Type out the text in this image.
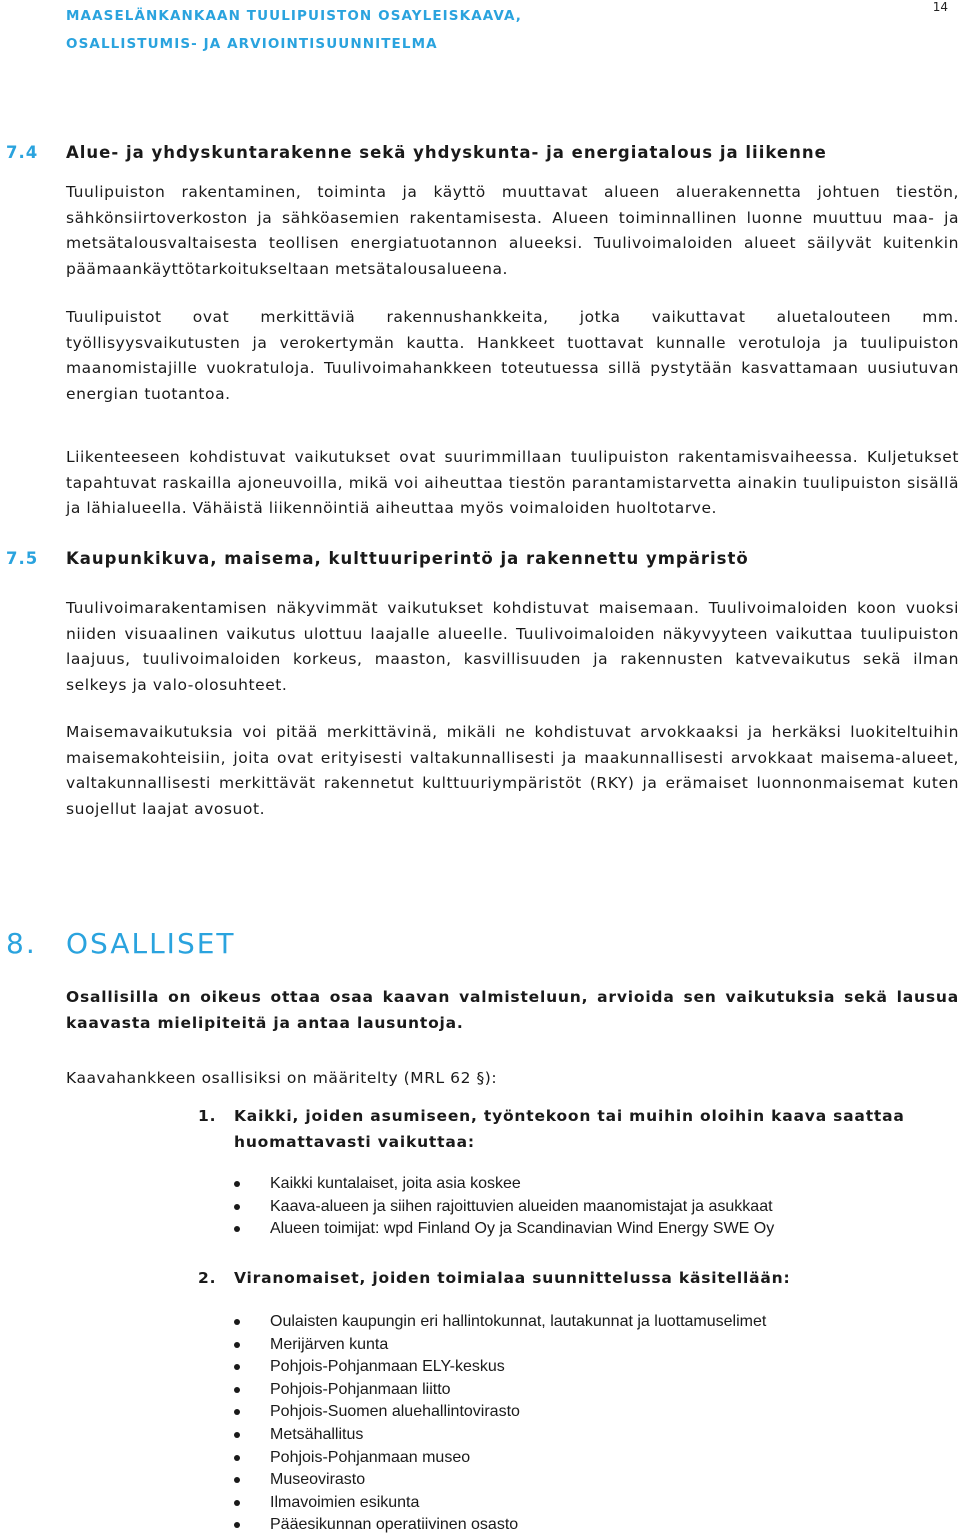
MAASELÄNKANKAAN TUULIPUISTON OSAYLEISKAAVA,
OSALLISTUMIS- JA ARVIOINTISUUNNITELMA
14
7.4 Alue- ja yhdyskuntarakenne sekä yhdyskunta- ja energiatalous ja liikenne

Tuulipuiston rakentaminen, toiminta ja käyttö muuttavat alueen aluerakennetta johtuen tiestön, sähkönsiirtoverkoston ja sähköasemien rakentamisesta. Alueen toiminnallinen luonne muuttuu maa- ja metsätalousvaltaisesta teollisen energiatuotannon alueeksi. Tuulivoimaloiden alueet säilyvät kuitenkin päämaankäyttötarkoitukseltaan metsätalousalueena.

Tuulipuistot ovat merkittäviä rakennushankkeita, jotka vaikuttavat aluetalouteen mm. työllisyysvaikutusten ja verokertymän kautta. Hankkeet tuottavat kunnalle verotuloja ja tuulipuiston maanomistajille vuokratuloja. Tuulivoimahankkeen toteutuessa sillä pystytään kasvattamaan uusiutuvan energian tuotantoa.

Liikenteeseen kohdistuvat vaikutukset ovat suurimmillaan tuulipuiston rakentamisvaiheessa. Kuljetukset tapahtuvat raskailla ajoneuvoilla, mikä voi aiheuttaa tiestön parantamistarvetta ainakin tuulipuiston sisällä ja lähialueella. Vähäistä liikennöintiä aiheuttaa myös voimaloiden huoltotarve.

7.5 Kaupunkikuva, maisema, kulttuuriperintö ja rakennettu ympäristö

Tuulivoimarakentamisen näkyvimmät vaikutukset kohdistuvat maisemaan. Tuulivoimaloiden koon vuoksi niiden visuaalinen vaikutus ulottuu laajalle alueelle. Tuulivoimaloiden näkyvyyteen vaikuttaa tuulipuiston laajuus, tuulivoimaloiden korkeus, maaston, kasvillisuuden ja rakennusten katvevaikutus sekä ilman selkeys ja valo-olosuhteet.

Maisemavaikutuksia voi pitää merkittävinä, mikäli ne kohdistuvat arvokkaaksi ja herkäksi luokiteltuihin maisemakohteisiin, joita ovat erityisesti valtakunnallisesti ja maakunnallisesti arvokkaat maisema-alueet, valtakunnallisesti merkittävät rakennetut kulttuuriympäristöt (RKY) ja erämaiset luonnonmaisemat kuten suojellut laajat avosuot.

8. OSALLISET

Osallisilla on oikeus ottaa osaa kaavan valmisteluun, arvioida sen vaikutuksia sekä lausua kaavasta mielipiteitä ja antaa lausuntoja.

Kaavahankkeen osallisiksi on määritelty (MRL 62 §):

1. Kaikki, joiden asumiseen, työntekoon tai muihin oloihin kaava saattaa huomattavasti vaikuttaa:
Kaikki kuntalaiset, joita asia koskee
Kaava-alueen ja siihen rajoittuvien alueiden maanomistajat ja asukkaat
Alueen toimijat: wpd Finland Oy ja Scandinavian Wind Energy SWE Oy
2. Viranomaiset, joiden toimialaa suunnittelussa käsitellään:
Oulaisten kaupungin eri hallintokunnat, lautakunnat ja luottamuselimet
Merijärven kunta
Pohjois-Pohjanmaan ELY-keskus
Pohjois-Pohjanmaan liitto
Pohjois-Suomen aluehallintovirasto
Metsähallitus
Pohjois-Pohjanmaan museo
Museovirasto
Ilmavoimien esikunta
Pääesikunnan operatiivinen osasto
